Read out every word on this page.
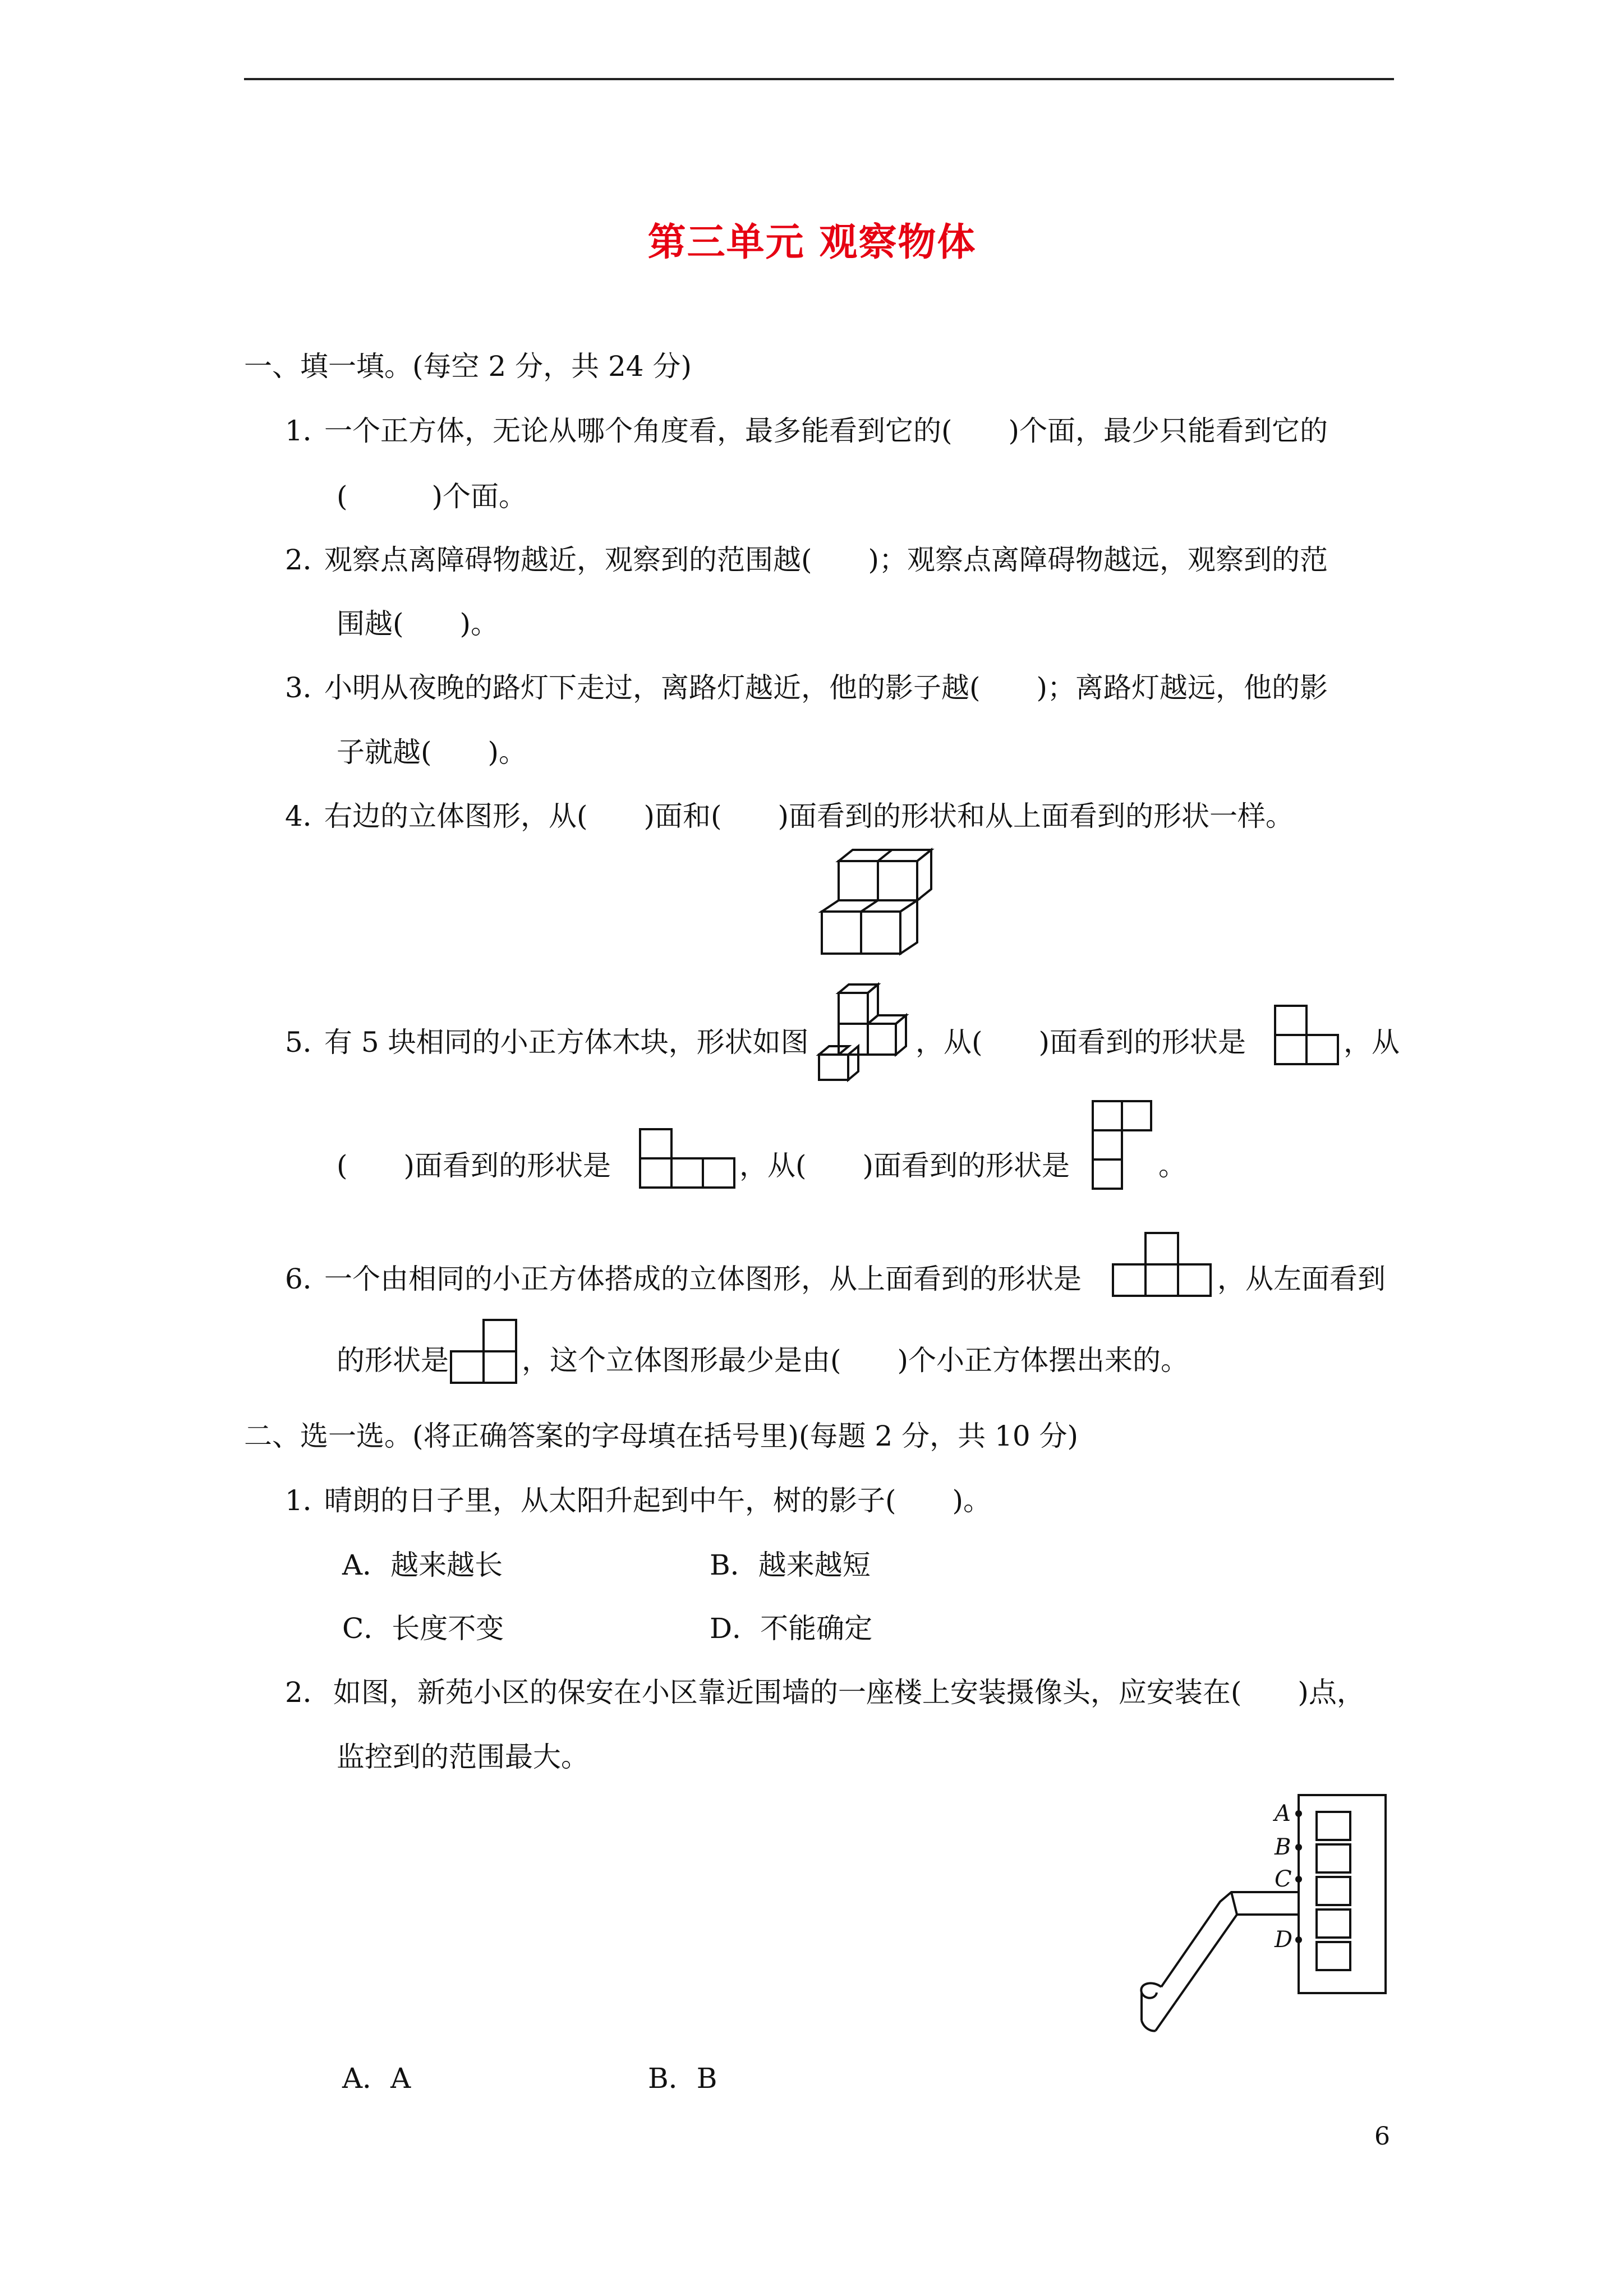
第三单元 观察物体
一、填一填。(每空 2 分，共 24 分)
1．一个正方体，无论从哪个角度看，最多能看到它的(　　)个面，最少只能看到它的
(　　　)个面。
2．观察点离障碍物越近，观察到的范围越(　　)；观察点离障碍物越远，观察到的范
围越(　　)。
3．小明从夜晚的路灯下走过，离路灯越近，他的影子越(　　)；离路灯越远，他的影
子就越(　　)。
4．右边的立体图形，从(　　)面和(　　)面看到的形状和从上面看到的形状一样。
5．有 5 块相同的小正方体木块，形状如图	，从(　　)面看到的形状是	，从
(　　)面看到的形状是	，从(　　)面看到的形状是	。
6．一个由相同的小正方体搭成的立体图形，从上面看到的形状是	，从左面看到
的形状是	，这个立体图形最少是由(　　)个小正方体摆出来的。
二、选一选。(将正确答案的字母填在括号里)(每题 2 分，共 10 分)
1．晴朗的日子里，从太阳升起到中午，树的影子(　　)。
A．越来越长	B．越来越短
C．长度不变	D．不能确定
2． 如图，新苑小区的保安在小区靠近围墙的一座楼上安装摄像头，应安装在(　　)点，
监控到的范围最大。
A
B
C
D
A．A	B．B
6
